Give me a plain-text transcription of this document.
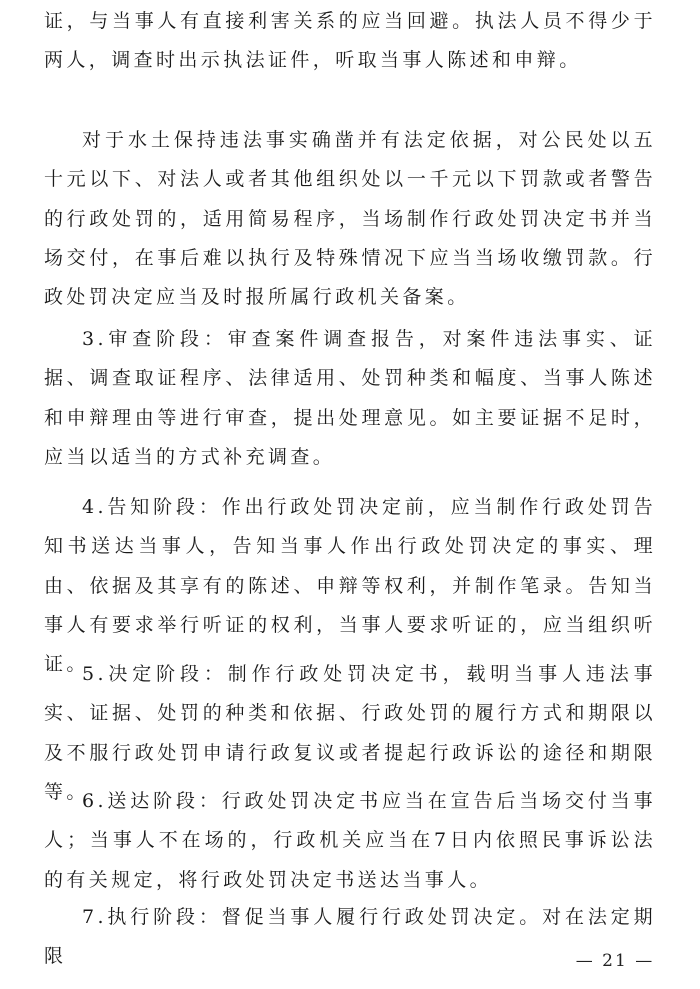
证，与当事人有直接利害关系的应当回避。执法人员不得少于两人，调查时出示执法证件，听取当事人陈述和申辩。

对于水土保持违法事实确凿并有法定依据，对公民处以五十元以下、对法人或者其他组织处以一千元以下罚款或者警告的行政处罚的，适用简易程序，当场制作行政处罚决定书并当场交付，在事后难以执行及特殊情况下应当当场收缴罚款。行政处罚决定应当及时报所属行政机关备案。

3.审查阶段：审查案件调查报告，对案件违法事实、证据、调查取证程序、法律适用、处罚种类和幅度、当事人陈述和申辩理由等进行审查，提出处理意见。如主要证据不足时，应当以适当的方式补充调查。

4.告知阶段：作出行政处罚决定前，应当制作行政处罚告知书送达当事人，告知当事人作出行政处罚决定的事实、理由、依据及其享有的陈述、申辩等权利，并制作笔录。告知当事人有要求举行听证的权利，当事人要求听证的，应当组织听证。

5.决定阶段：制作行政处罚决定书，载明当事人违法事实、证据、处罚的种类和依据、行政处罚的履行方式和期限以及不服行政处罚申请行政复议或者提起行政诉讼的途径和期限等。

6.送达阶段：行政处罚决定书应当在宣告后当场交付当事人；当事人不在场的，行政机关应当在7日内依照民事诉讼法的有关规定，将行政处罚决定书送达当事人。

7.执行阶段：督促当事人履行行政处罚决定。对在法定期限	— 21 —
